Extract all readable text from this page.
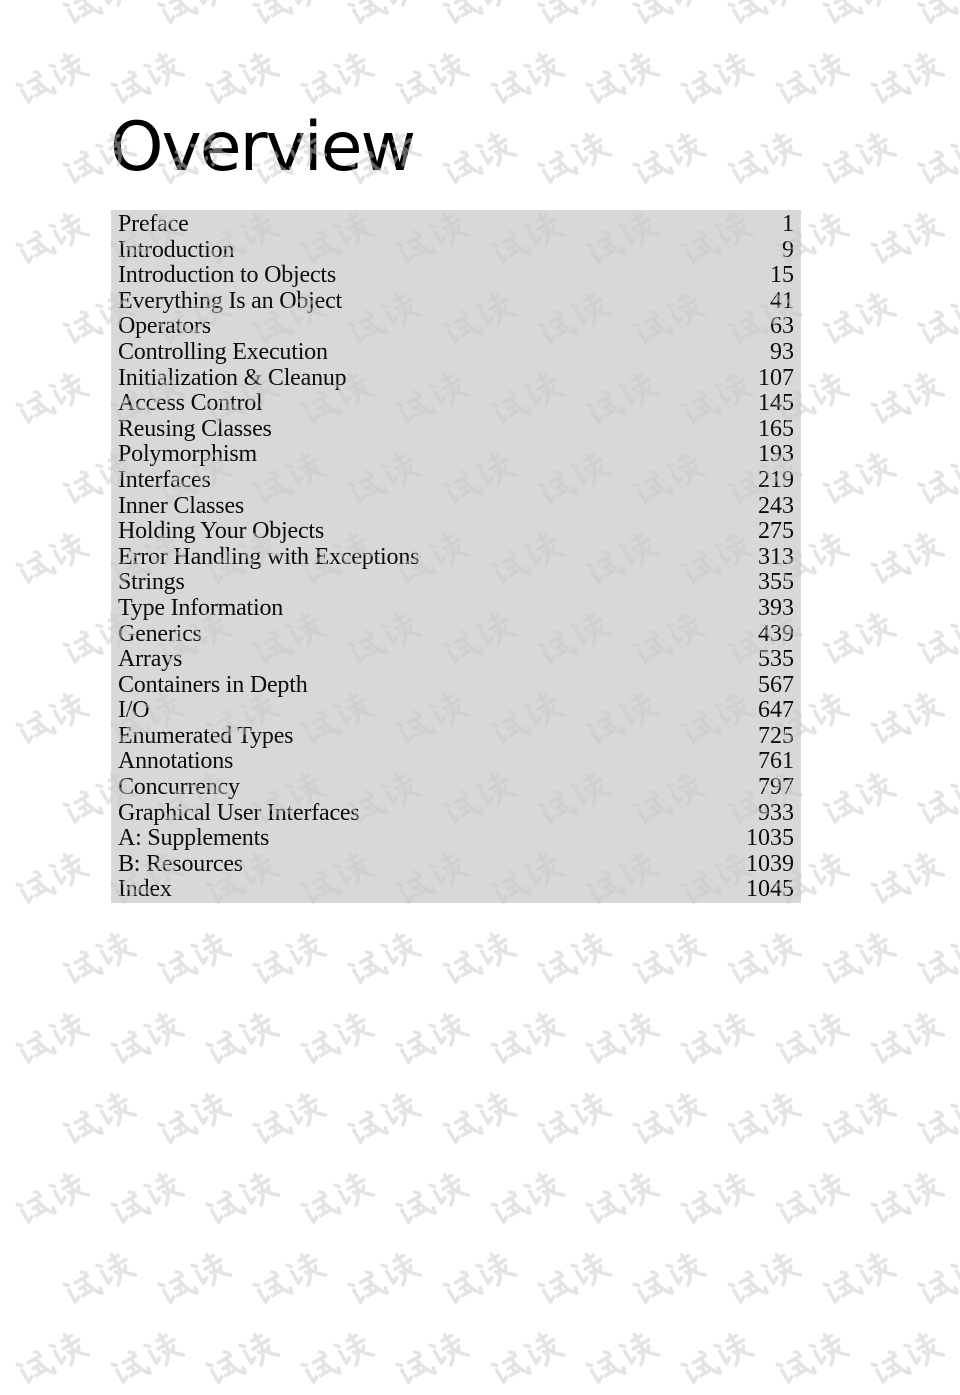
Overview
Preface	1
Introduction	9
Introduction to Objects	15
Everything Is an Object	41
Operators	63
Controlling Execution	93
Initialization & Cleanup	107
Access Control	145
Reusing Classes	165
Polymorphism	193
Interfaces	219
Inner Classes	243
Holding Your Objects	275
Error Handling with Exceptions	313
Strings	355
Type Information	393
Generics	439
Arrays	535
Containers in Depth	567
I/O	647
Enumerated Types	725
Annotations	761
Concurrency	797
Graphical User Interfaces	933
A: Supplements	1035
B: Resources	1039
Index	1045
